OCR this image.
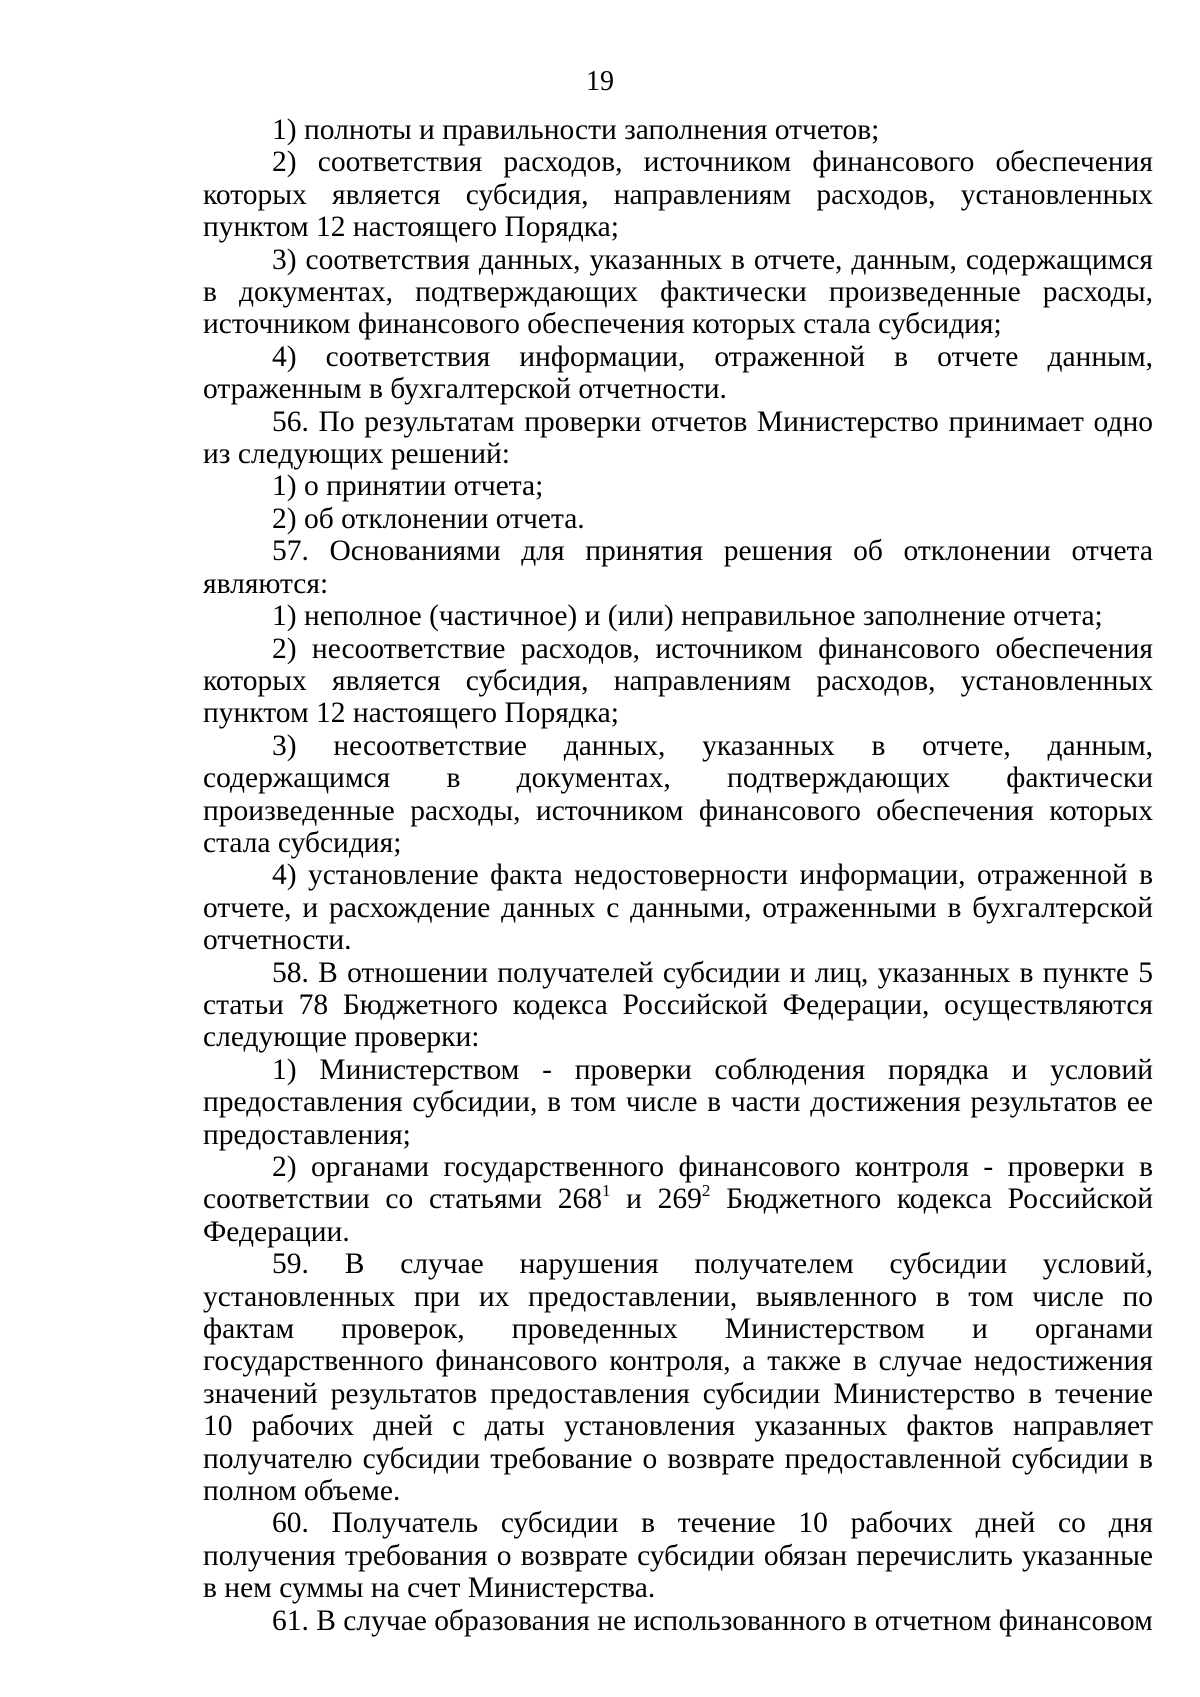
19

1) полноты и правильности заполнения отчетов;

2) соответствия расходов, источником финансового обеспечения которых является субсидия, направлениям расходов, установленных пунктом 12 настоящего Порядка;

3) соответствия данных, указанных в отчете, данным, содержащимся в документах, подтверждающих фактически произведенные расходы, источником финансового обеспечения которых стала субсидия;

4) соответствия информации, отраженной в отчете данным, отраженным в бухгалтерской отчетности.

56. По результатам проверки отчетов Министерство принимает одно из следующих решений:

1) о принятии отчета;

2) об отклонении отчета.

57. Основаниями для принятия решения об отклонении отчета являются:

1) неполное (частичное) и (или) неправильное заполнение отчета;

2) несоответствие расходов, источником финансового обеспечения которых является субсидия, направлениям расходов, установленных пунктом 12 настоящего Порядка;

3) несоответствие данных, указанных в отчете, данным, содержащимся в документах, подтверждающих фактически произведенные расходы, источником финансового обеспечения которых стала субсидия;

4) установление факта недостоверности информации, отраженной в отчете, и расхождение данных с данными, отраженными в бухгалтерской отчетности.

58. В отношении получателей субсидии и лиц, указанных в пункте 5 статьи 78 Бюджетного кодекса Российской Федерации, осуществляются следующие проверки:

1) Министерством - проверки соблюдения порядка и условий предоставления субсидии, в том числе в части достижения результатов ее предоставления;

2) органами государственного финансового контроля - проверки в соответствии со статьями $268^1$ и $269^2$ Бюджетного кодекса Российской Федерации.

59. В случае нарушения получателем субсидии условий, установленных при их предоставлении, выявленного в том числе по фактам проверок, проведенных Министерством и органами государственного финансового контроля, а также в случае недостижения значений результатов предоставления субсидии Министерство в течение 10 рабочих дней с даты установления указанных фактов направляет получателю субсидии требование о возврате предоставленной субсидии в полном объеме.

60. Получатель субсидии в течение 10 рабочих дней со дня получения требования о возврате субсидии обязан перечислить указанные в нем суммы на счет Министерства.

61. В случае образования не использованного в отчетном финансовом
